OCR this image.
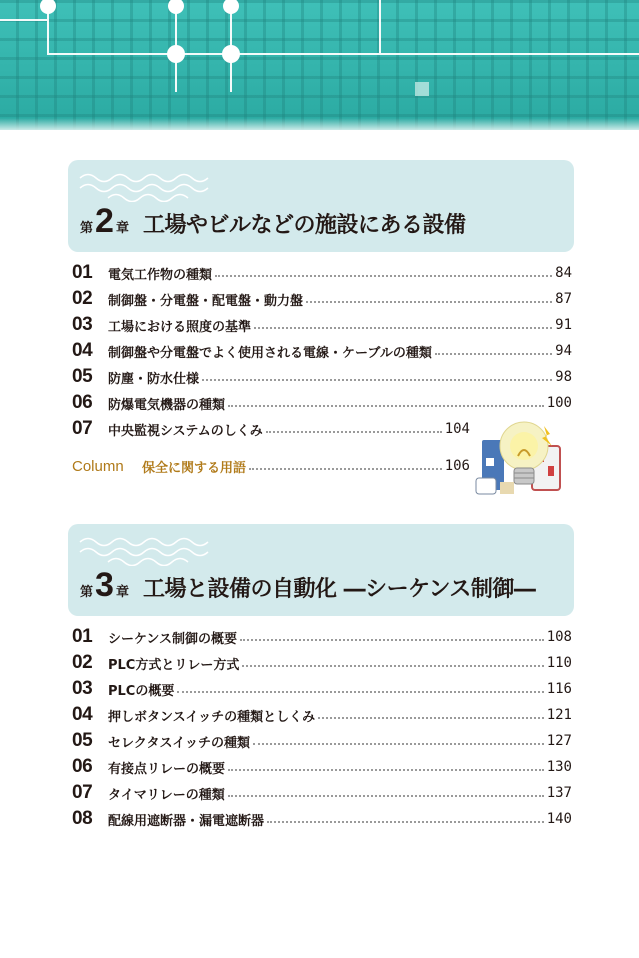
第 2 章 工場やビルなどの施設にある設備
01	電気工作物の種類	84
02	制御盤・分電盤・配電盤・動力盤	87
03	工場における照度の基準	91
04	制御盤や分電盤でよく使用される電線・ケーブルの種類	94
05	防塵・防水仕様	98
06	防爆電気機器の種類	100
07	中央監視システムのしくみ	104
Column	保全に関する用語	106
第 3 章 工場と設備の自動化 ―シーケンス制御―
01	シーケンス制御の概要	108
02	PLC方式とリレー方式	110
03	PLCの概要	116
04	押しボタンスイッチの種類としくみ	121
05	セレクタスイッチの種類	127
06	有接点リレーの概要	130
07	タイマリレーの種類	137
08	配線用遮断器・漏電遮断器	140
